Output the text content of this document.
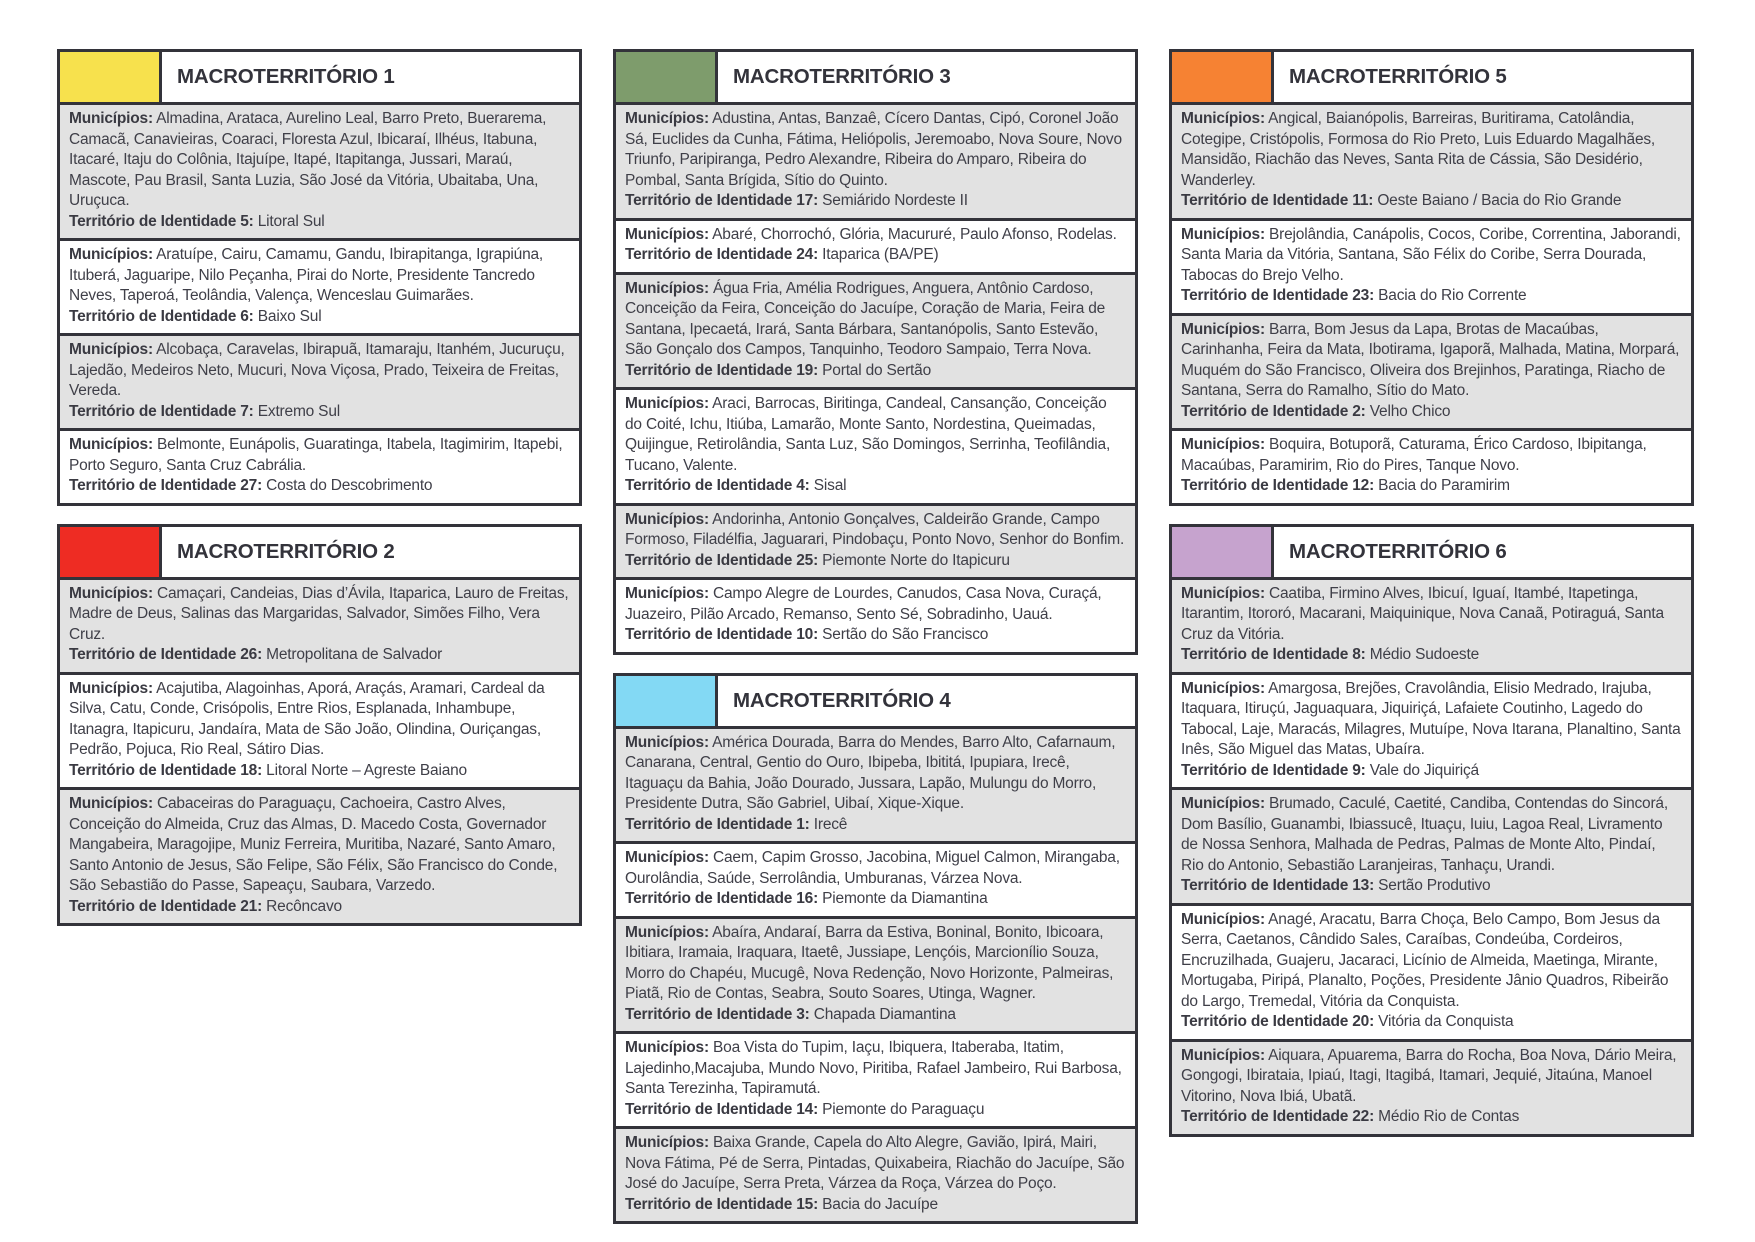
MACROTERRITÓRIO 1
Municípios: Almadina, Arataca, Aurelino Leal, Barro Preto, Buerarema, Camacã, Canavieiras, Coaraci, Floresta Azul, Ibicaraí, Ilhéus, Itabuna, Itacaré, Itaju do Colônia, Itajuípe, Itapé, Itapitanga, Jussari, Maraú, Mascote, Pau Brasil, Santa Luzia, São José da Vitória, Ubaitaba, Una, Uruçuca.
Território de Identidade 5: Litoral Sul
Municípios: Aratuípe, Cairu, Camamu, Gandu, Ibirapitanga, Igrapiúna, Ituberá, Jaguaripe, Nilo Peçanha, Pirai do Norte, Presidente Tancredo Neves, Taperoá, Teolândia, Valença, Wenceslau Guimarães.
Território de Identidade 6: Baixo Sul
Municípios: Alcobaça, Caravelas, Ibirapuã, Itamaraju, Itanhém, Jucuruçu, Lajedão, Medeiros Neto, Mucuri, Nova Viçosa, Prado, Teixeira de Freitas, Vereda.
Território de Identidade 7: Extremo Sul
Municípios: Belmonte, Eunápolis, Guaratinga, Itabela, Itagimirim, Itapebi, Porto Seguro, Santa Cruz Cabrália.
Território de Identidade 27: Costa do Descobrimento
MACROTERRITÓRIO 2
Municípios: Camaçari, Candeias, Dias d’Ávila, Itaparica, Lauro de Freitas, Madre de Deus, Salinas das Margaridas, Salvador, Simões Filho, Vera Cruz.
Território de Identidade 26: Metropolitana de Salvador
Municípios: Acajutiba, Alagoinhas, Aporá, Araçás, Aramari, Cardeal da Silva, Catu, Conde, Crisópolis, Entre Rios, Esplanada, Inhambupe, Itanagra, Itapicuru, Jandaíra, Mata de São João, Olindina, Ouriçangas, Pedrão, Pojuca, Rio Real, Sátiro Dias.
Território de Identidade 18: Litoral Norte – Agreste Baiano
Municípios: Cabaceiras do Paraguaçu, Cachoeira, Castro Alves, Conceição do Almeida, Cruz das Almas, D. Macedo Costa, Governador Mangabeira, Maragojipe, Muniz Ferreira, Muritiba, Nazaré, Santo Amaro, Santo Antonio de Jesus, São Felipe, São Félix, São Francisco do Conde, São Sebastião do Passe, Sapeaçu, Saubara, Varzedo.
Território de Identidade 21: Recôncavo
MACROTERRITÓRIO 3
Municípios: Adustina, Antas, Banzaê, Cícero Dantas, Cipó, Coronel João Sá, Euclides da Cunha, Fátima, Heliópolis, Jeremoabo, Nova Soure, Novo Triunfo, Paripiranga, Pedro Alexandre, Ribeira do Amparo, Ribeira do Pombal, Santa Brígida, Sítio do Quinto.
Território de Identidade 17: Semiárido Nordeste II
Municípios: Abaré, Chorrochó, Glória, Macururé, Paulo Afonso, Rodelas.
Território de Identidade 24: Itaparica (BA/PE)
Municípios: Água Fria, Amélia Rodrigues, Anguera, Antônio Cardoso, Conceição da Feira, Conceição do Jacuípe, Coração de Maria, Feira de Santana, Ipecaetá, Irará, Santa Bárbara, Santanópolis, Santo Estevão, São Gonçalo dos Campos, Tanquinho, Teodoro Sampaio, Terra Nova.
Território de Identidade 19: Portal do Sertão
Municípios: Araci, Barrocas, Biritinga, Candeal, Cansanção, Conceição do Coité, Ichu, Itiúba, Lamarão, Monte Santo, Nordestina, Queimadas, Quijingue, Retirolândia, Santa Luz, São Domingos, Serrinha, Teofilândia, Tucano, Valente.
Território de Identidade 4: Sisal
Municípios: Andorinha, Antonio Gonçalves, Caldeirão Grande, Campo Formoso, Filadélfia, Jaguarari, Pindobaçu, Ponto Novo, Senhor do Bonfim.
Território de Identidade 25: Piemonte Norte do Itapicuru
Municípios: Campo Alegre de Lourdes, Canudos, Casa Nova, Curaçá, Juazeiro, Pilão Arcado, Remanso, Sento Sé, Sobradinho, Uauá.
Território de Identidade 10: Sertão do São Francisco
MACROTERRITÓRIO 4
Municípios: América Dourada, Barra do Mendes, Barro Alto, Cafarnaum, Canarana, Central, Gentio do Ouro, Ibipeba, Ibititá, Ipupiara, Irecê, Itaguaçu da Bahia, João Dourado, Jussara, Lapão, Mulungu do Morro, Presidente Dutra, São Gabriel, Uibaí, Xique-Xique.
Território de Identidade 1: Irecê
Municípios: Caem, Capim Grosso, Jacobina, Miguel Calmon, Mirangaba, Ourolândia, Saúde, Serrolândia, Umburanas, Várzea Nova.
Território de Identidade 16: Piemonte da Diamantina
Municípios: Abaíra, Andaraí, Barra da Estiva, Boninal, Bonito, Ibicoara, Ibitiara, Iramaia, Iraquara, Itaetê, Jussiape, Lençóis, Marcionílio Souza, Morro do Chapéu, Mucugê, Nova Redenção, Novo Horizonte, Palmeiras, Piatã, Rio de Contas, Seabra, Souto Soares, Utinga, Wagner.
Território de Identidade 3: Chapada Diamantina
Municípios: Boa Vista do Tupim, Iaçu, Ibiquera, Itaberaba, Itatim, Lajedinho,Macajuba, Mundo Novo, Piritiba, Rafael Jambeiro, Rui Barbosa, Santa Terezinha, Tapiramutá.
Território de Identidade 14: Piemonte do Paraguaçu
Municípios: Baixa Grande, Capela do Alto Alegre, Gavião, Ipirá, Mairi, Nova Fátima, Pé de Serra, Pintadas, Quixabeira, Riachão do Jacuípe, São José do Jacuípe, Serra Preta, Várzea da Roça, Várzea do Poço.
Território de Identidade 15: Bacia do Jacuípe
MACROTERRITÓRIO 5
Municípios: Angical, Baianópolis, Barreiras, Buritirama, Catolândia, Cotegipe, Cristópolis, Formosa do Rio Preto, Luis Eduardo Magalhães, Mansidão, Riachão das Neves, Santa Rita de Cássia, São Desidério, Wanderley.
Território de Identidade 11: Oeste Baiano / Bacia do Rio Grande
Municípios: Brejolândia, Canápolis, Cocos, Coribe, Correntina, Jaborandi, Santa Maria da Vitória, Santana, São Félix do Coribe, Serra Dourada, Tabocas do Brejo Velho.
Território de Identidade 23: Bacia do Rio Corrente
Municípios: Barra, Bom Jesus da Lapa, Brotas de Macaúbas, Carinhanha, Feira da Mata, Ibotirama, Igaporã, Malhada, Matina, Morpará, Muquém do São Francisco, Oliveira dos Brejinhos, Paratinga, Riacho de Santana, Serra do Ramalho, Sítio do Mato.
Território de Identidade 2: Velho Chico
Municípios: Boquira, Botuporã, Caturama, Érico Cardoso, Ibipitanga, Macaúbas, Paramirim, Rio do Pires, Tanque Novo.
Território de Identidade 12: Bacia do Paramirim
MACROTERRITÓRIO 6
Municípios: Caatiba, Firmino Alves, Ibicuí, Iguaí, Itambé, Itapetinga, Itarantim, Itororó, Macarani, Maiquinique, Nova Canaã, Potiraguá, Santa Cruz da Vitória.
Território de Identidade 8: Médio Sudoeste
Municípios: Amargosa, Brejões, Cravolândia, Elisio Medrado, Irajuba, Itaquara, Itiruçú, Jaguaquara, Jiquiriçá, Lafaiete Coutinho, Lagedo do Tabocal, Laje, Maracás, Milagres, Mutuípe, Nova Itarana, Planaltino, Santa Inês, São Miguel das Matas, Ubaíra.
Território de Identidade 9: Vale do Jiquiriçá
Municípios: Brumado, Caculé, Caetité, Candiba, Contendas do Sincorá, Dom Basílio, Guanambi, Ibiassucê, Ituaçu, Iuiu, Lagoa Real, Livramento de Nossa Senhora, Malhada de Pedras, Palmas de Monte Alto, Pindaí, Rio do Antonio, Sebastião Laranjeiras, Tanhaçu, Urandi.
Território de Identidade 13: Sertão Produtivo
Municípios: Anagé, Aracatu, Barra Choça, Belo Campo, Bom Jesus da Serra, Caetanos, Cândido Sales, Caraíbas, Condeúba, Cordeiros, Encruzilhada, Guajeru, Jacaraci, Licínio de Almeida, Maetinga, Mirante, Mortugaba, Piripá, Planalto, Poções, Presidente Jânio Quadros, Ribeirão do Largo, Tremedal, Vitória da Conquista.
Território de Identidade 20: Vitória da Conquista
Municípios: Aiquara, Apuarema, Barra do Rocha, Boa Nova, Dário Meira, Gongogi, Ibirataia, Ipiaú, Itagi, Itagibá, Itamari, Jequié, Jitaúna, Manoel Vitorino, Nova Ibiá, Ubatã.
Território de Identidade 22: Médio Rio de Contas
